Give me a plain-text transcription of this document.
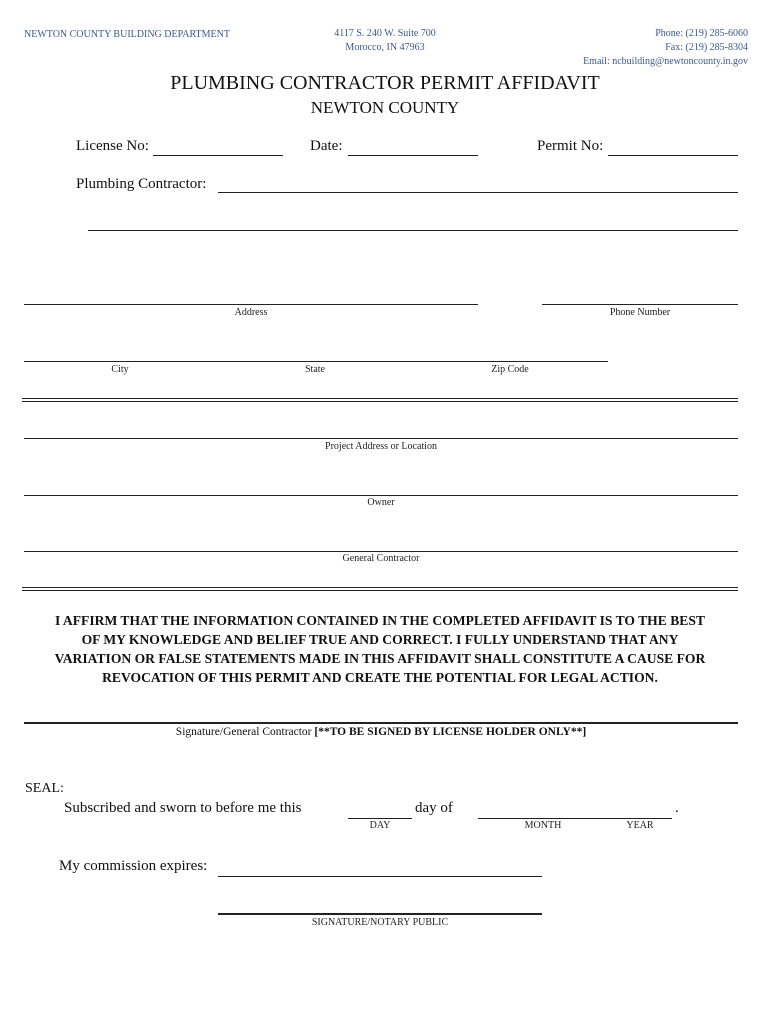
NEWTON COUNTY BUILDING DEPARTMENT	4117 S. 240 W. Suite 700
Morocco, IN 47963
Phone: (219) 285-6060
Fax: (219) 285-8304
Email: ncbuilding@newtoncounty.in.gov
PLUMBING CONTRACTOR PERMIT AFFIDAVIT
NEWTON COUNTY
License No:	Date:	Permit No:
Plumbing Contractor:
Address	Phone Number
City	State	Zip Code
Project Address or Location
Owner
General Contractor
I AFFIRM THAT THE INFORMATION CONTAINED IN THE COMPLETED AFFIDAVIT IS TO THE BEST
OF MY KNOWLEDGE AND BELIEF TRUE AND CORRECT. I FULLY UNDERSTAND THAT ANY
VARIATION OR FALSE STATEMENTS MADE IN THIS AFFIDAVIT SHALL CONSTITUTE A CAUSE FOR
REVOCATION OF THIS PERMIT AND CREATE THE POTENTIAL FOR LEGAL ACTION.
Signature/General Contractor [**TO BE SIGNED BY LICENSE HOLDER ONLY**]
SEAL:
Subscribed and sworn to before me this
DAY
day of
MONTH	YEAR
.
My commission expires:
SIGNATURE/NOTARY PUBLIC
